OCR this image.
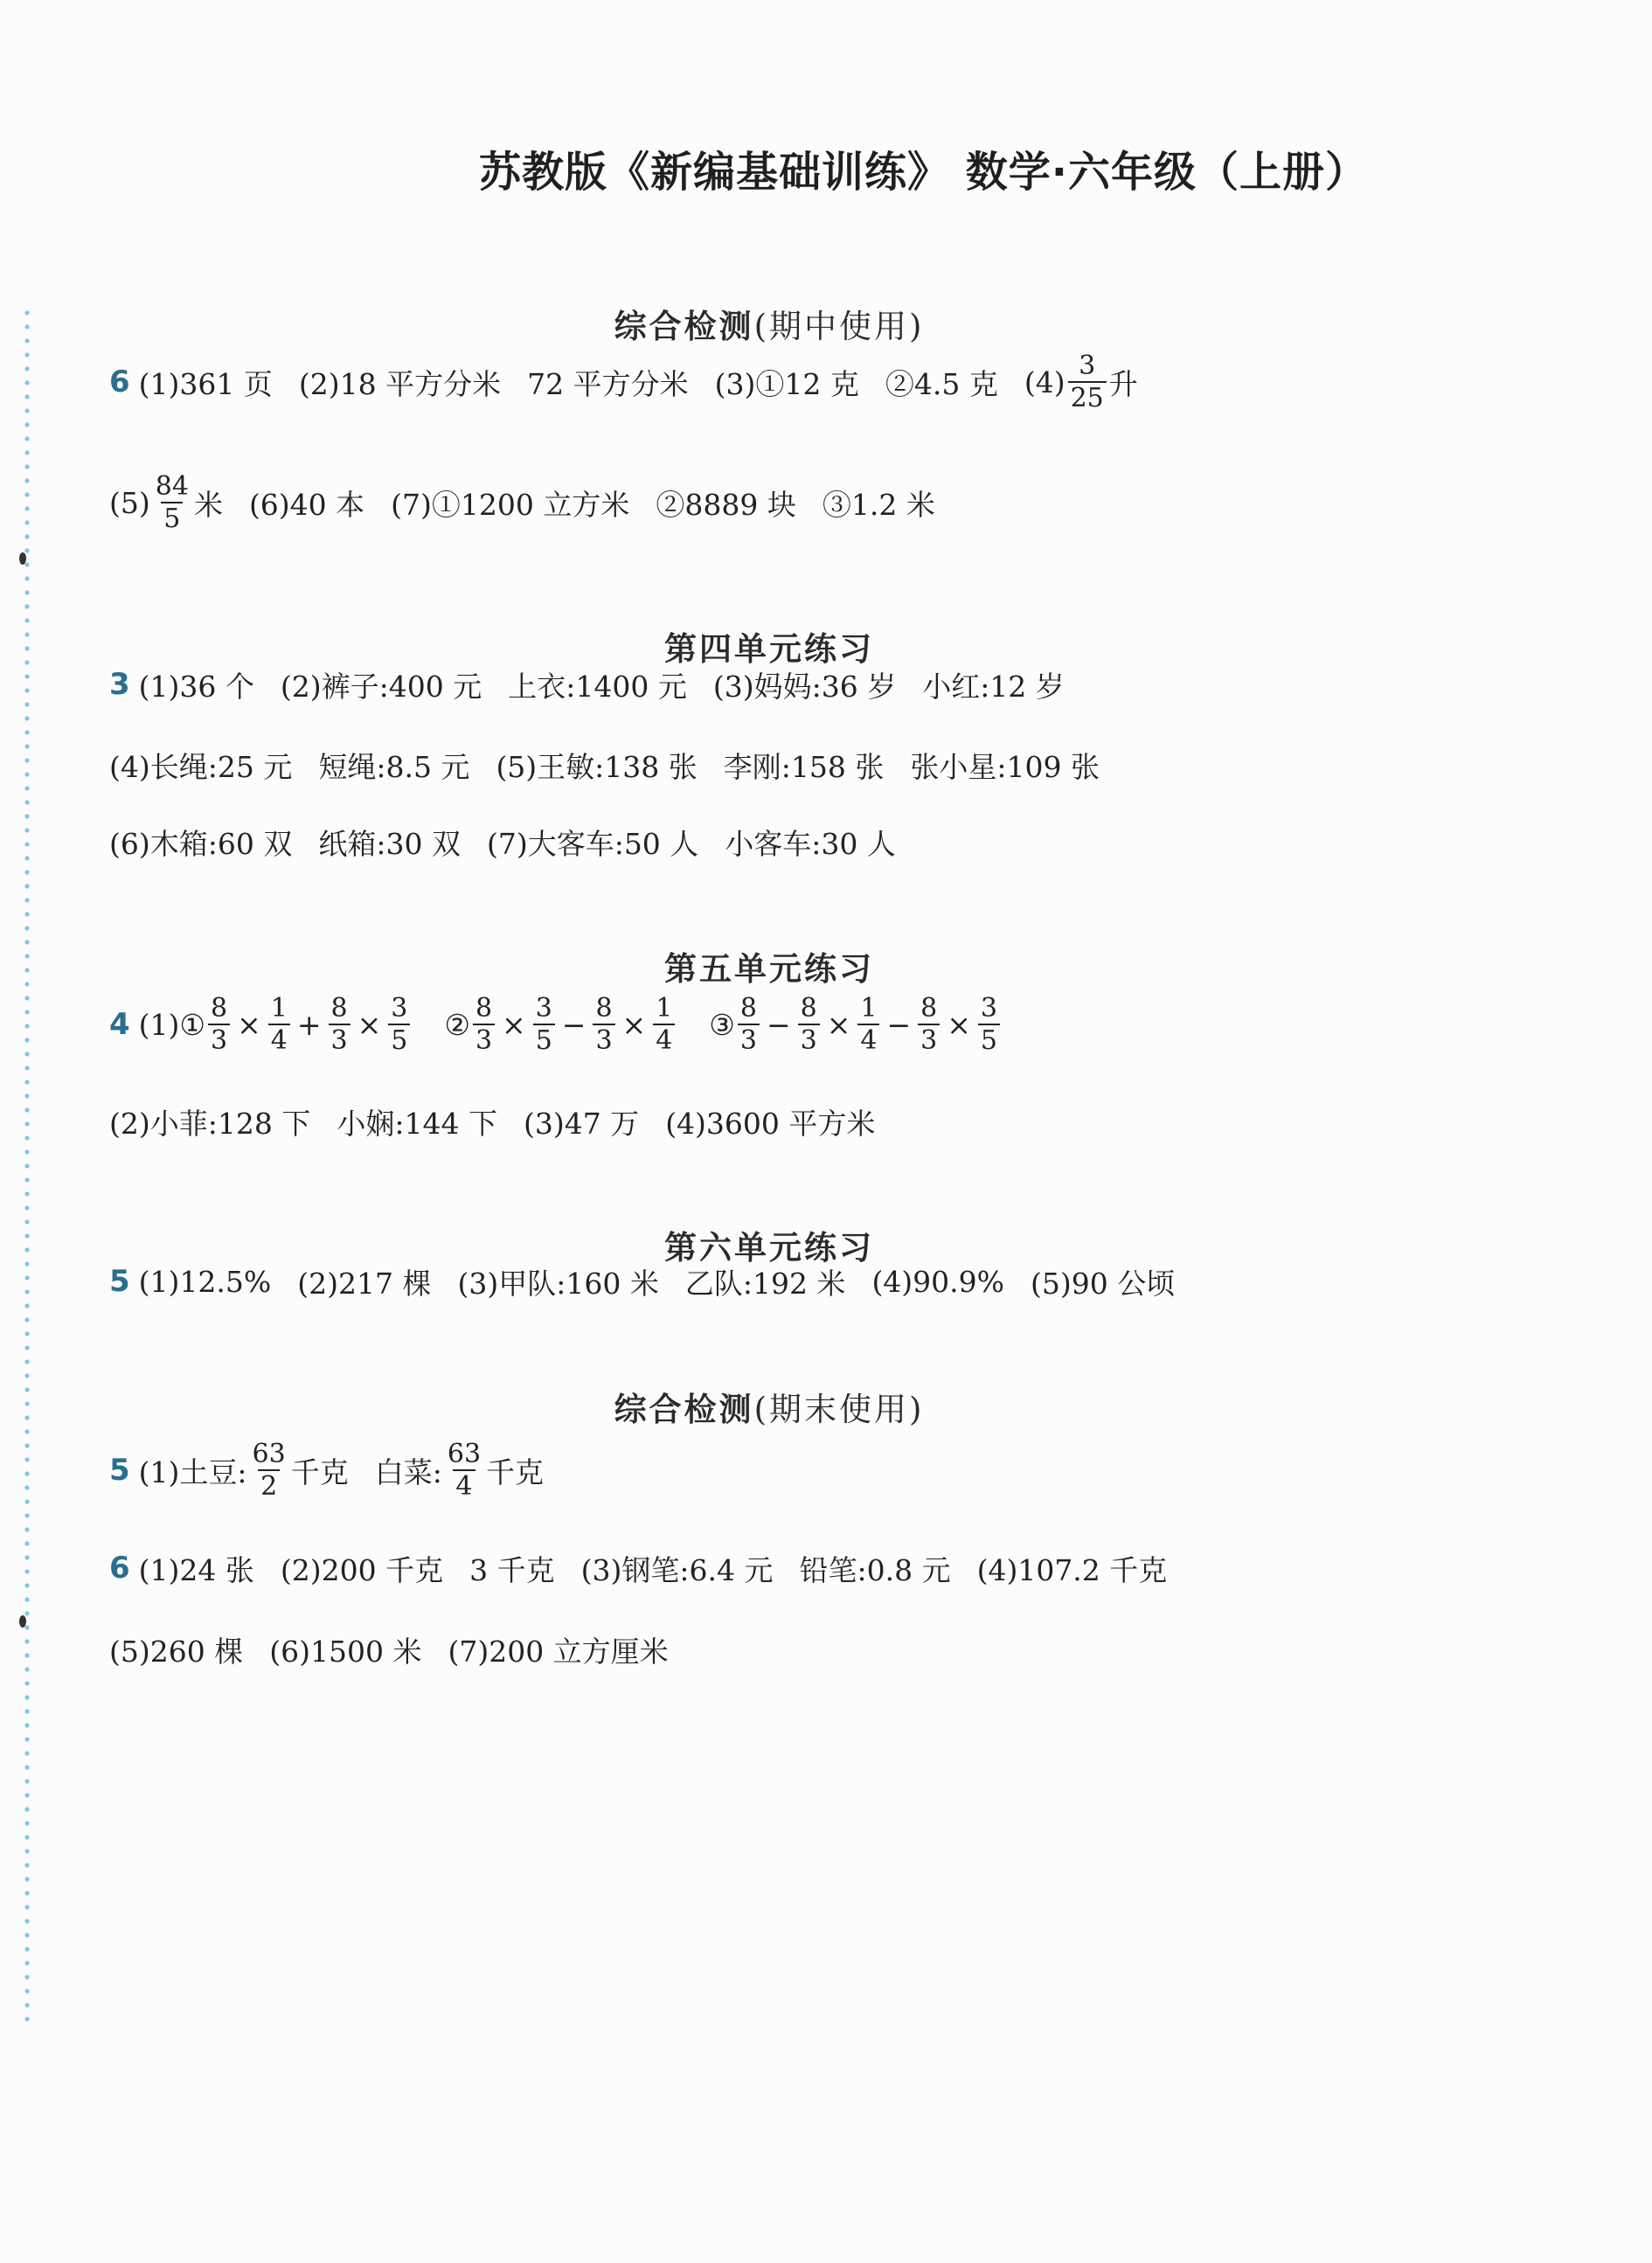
苏教版《新编基础训练》 数学·六年级（上册）
综合检测(期中使用)
6 (1)361 页 (2)18 平方分米 72 平方分米 (3)①12 克 ②4.5 克 $(4) \frac{3}{25}$ 升
$(5) \frac{84}{5}$ 米 (6)40 本 (7)①1200 立方米 ②8889 块 ③1.2 米
第四单元练习
3 (1)36 个 (2)裤子:400 元 上衣:1400 元 (3)妈妈:36 岁 小红:12 岁
(4)长绳:25 元 短绳:8.5 元 (5)王敏:138 张 李刚:158 张 张小星:109 张
(6)木箱:60 双 纸箱:30 双 (7)大客车:50 人 小客车:30 人
第五单元练习
4 (1)① $\frac{8}{3} \times \frac{1}{4} + \frac{8}{3} \times \frac{3}{5}$ ② $\frac{8}{3} \times \frac{3}{5} - \frac{8}{3} \times \frac{1}{4}$ ③ $\frac{8}{3} - \frac{8}{3} \times \frac{1}{4} - \frac{8}{3} \times \frac{3}{5}$
(2)小菲:128 下 小娴:144 下 (3)47 万 (4)3600 平方米
第六单元练习
5 (1)12.5% (2)217 棵 (3)甲队:160 米 乙队:192 米 (4)90.9% (5)90 公顷
综合检测(期末使用)
5 (1)土豆: $\frac{63}{2}$ 千克 白菜: $\frac{63}{4}$ 千克
6 (1)24 张 (2)200 千克 3 千克 (3)钢笔:6.4 元 铅笔:0.8 元 (4)107.2 千克
(5)260 棵 (6)1500 米 (7)200 立方厘米
